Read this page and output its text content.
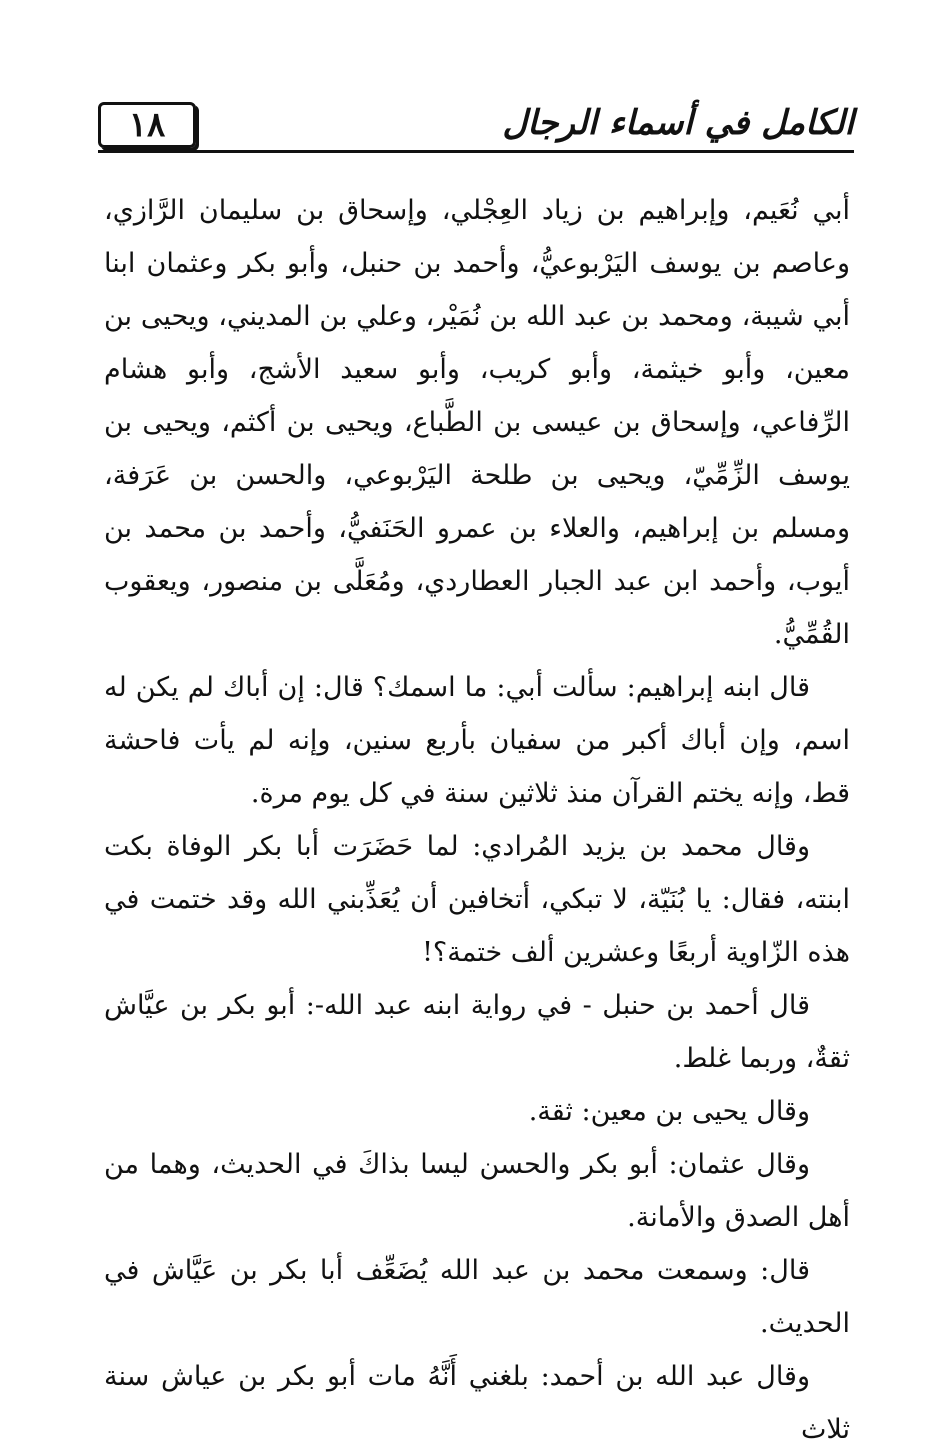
١٨	الكامل في أسماء الرجال

أبي نُعَيم، وإبراهيم بن زياد العِجْلي، وإسحاق بن سليمان الرَّازي، وعاصم بن يوسف اليَرْبوعيُّ، وأحمد بن حنبل، وأبو بكر وعثمان ابنا أبي شيبة، ومحمد بن عبد الله بن نُمَيْر، وعلي بن المديني، ويحيى بن معين، وأبو خيثمة، وأبو كريب، وأبو سعيد الأشج، وأبو هشام الرِّفاعي، وإسحاق بن عيسى بن الطَّباع، ويحيى بن أكثم، ويحيى بن يوسف الزِّمِّيّ، ويحيى بن طلحة اليَرْبوعي، والحسن بن عَرَفة، ومسلم بن إبراهيم، والعلاء بن عمرو الحَنَفيُّ، وأحمد بن محمد بن أيوب، وأحمد ابن عبد الجبار العطاردي، ومُعَلَّى بن منصور، ويعقوب القُمِّيُّ.

قال ابنه إبراهيم: سألت أبي: ما اسمك؟ قال: إن أباك لم يكن له اسم، وإن أباك أكبر من سفيان بأربع سنين، وإنه لم يأت فاحشة قط، وإنه يختم القرآن منذ ثلاثين سنة في كل يوم مرة.

وقال محمد بن يزيد المُرادي: لما حَضَرَت أبا بكر الوفاة بكت ابنته، فقال: يا بُنَيّة، لا تبكي، أتخافين أن يُعَذِّبني الله وقد ختمت في هذه الزّاوية أربعًا وعشرين ألف ختمة؟!

قال أحمد بن حنبل - في رواية ابنه عبد الله-: أبو بكر بن عيَّاش ثقةٌ، وربما غلط.

وقال يحيى بن معين: ثقة.

وقال عثمان: أبو بكر والحسن ليسا بذاكَ في الحديث، وهما من أهل الصدق والأمانة.

قال: وسمعت محمد بن عبد الله يُضَعِّف أبا بكر بن عَيَّاش في الحديث.

وقال عبد الله بن أحمد: بلغني أَنَّهُ مات أبو بكر بن عياش سنة ثلاث
